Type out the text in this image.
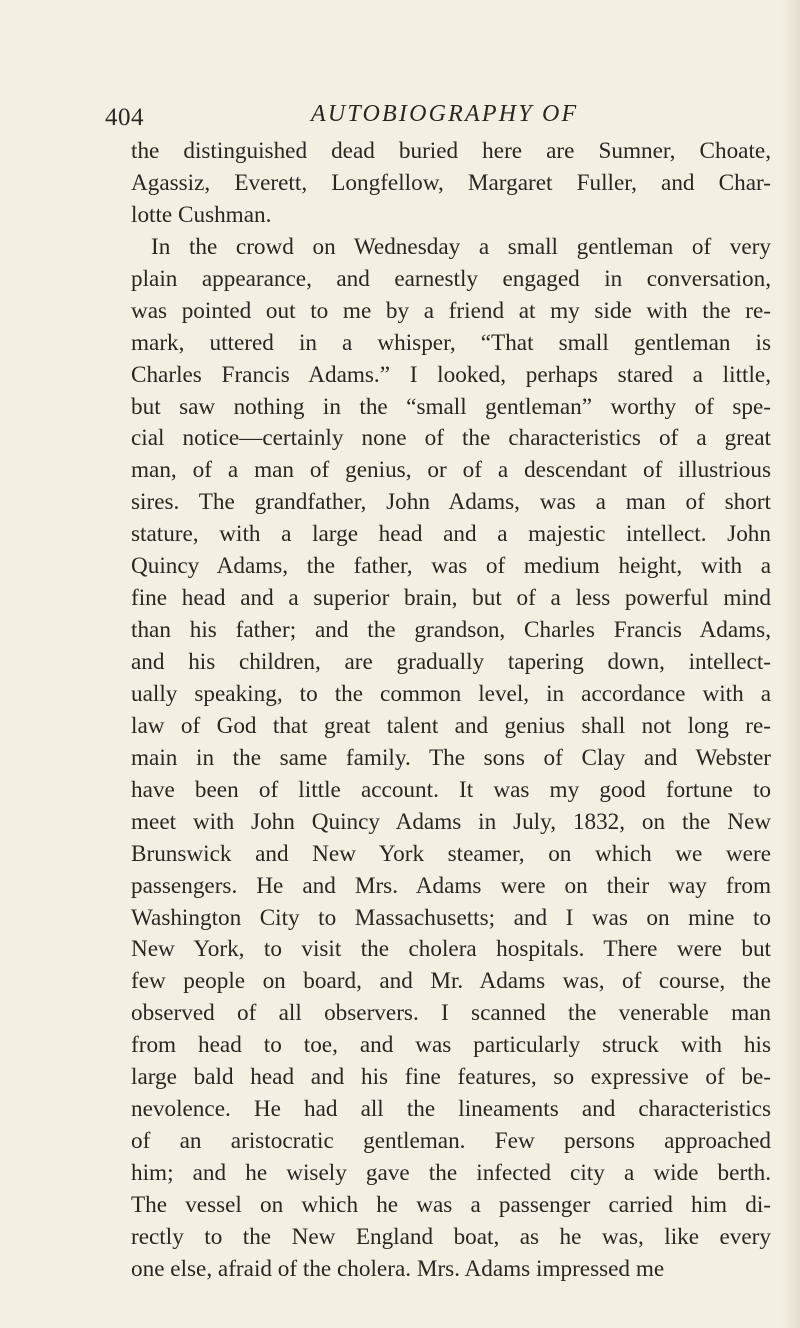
404	AUTOBIOGRAPHY OF
the distinguished dead buried here are Sumner, Choate,
Agassiz, Everett, Longfellow, Margaret Fuller, and Char-
lotte Cushman.
In the crowd on Wednesday a small gentleman of very
plain appearance, and earnestly engaged in conversation,
was pointed out to me by a friend at my side with the re-
mark, uttered in a whisper, “That small gentleman is
Charles Francis Adams.” I looked, perhaps stared a little,
but saw nothing in the “small gentleman” worthy of spe-
cial notice—certainly none of the characteristics of a great
man, of a man of genius, or of a descendant of illustrious
sires. The grandfather, John Adams, was a man of short
stature, with a large head and a majestic intellect. John
Quincy Adams, the father, was of medium height, with a
fine head and a superior brain, but of a less powerful mind
than his father; and the grandson, Charles Francis Adams,
and his children, are gradually tapering down, intellect-
ually speaking, to the common level, in accordance with a
law of God that great talent and genius shall not long re-
main in the same family. The sons of Clay and Webster
have been of little account. It was my good fortune to
meet with John Quincy Adams in July, 1832, on the New
Brunswick and New York steamer, on which we were
passengers. He and Mrs. Adams were on their way from
Washington City to Massachusetts; and I was on mine to
New York, to visit the cholera hospitals. There were but
few people on board, and Mr. Adams was, of course, the
observed of all observers. I scanned the venerable man
from head to toe, and was particularly struck with his
large bald head and his fine features, so expressive of be-
nevolence. He had all the lineaments and characteristics
of an aristocratic gentleman. Few persons approached
him; and he wisely gave the infected city a wide berth.
The vessel on which he was a passenger carried him di-
rectly to the New England boat, as he was, like every
one else, afraid of the cholera. Mrs. Adams impressed me
